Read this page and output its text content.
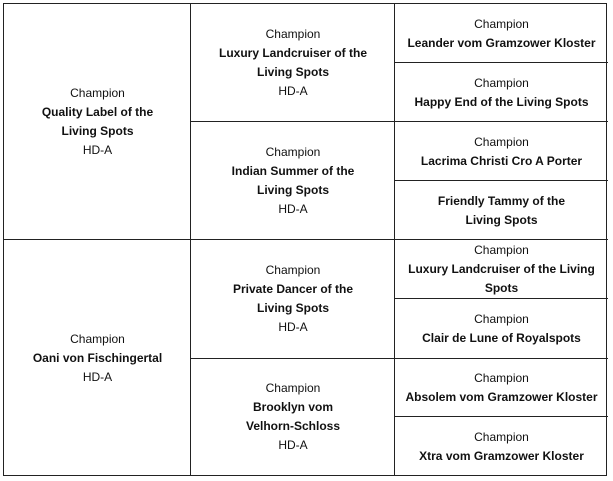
Champion
Quality Label of the Living Spots
HD-A
Champion
Oani von Fischingertal
HD-A
Champion
Luxury Landcruiser of the Living Spots
HD-A
Champion
Indian Summer of the Living Spots
HD-A
Champion
Private Dancer of the Living Spots
HD-A
Champion
Brooklyn vom Velhorn-Schloss
HD-A
Champion
Leander vom Gramzower Kloster
Champion
Happy End of the Living Spots
Champion
Lacrima Christi Cro A Porter
Friendly Tammy of the Living Spots
Champion
Luxury Landcruiser of the Living Spots
Champion
Clair de Lune of Royalspots
Champion
Absolem vom Gramzower Kloster
Champion
Xtra vom Gramzower Kloster
